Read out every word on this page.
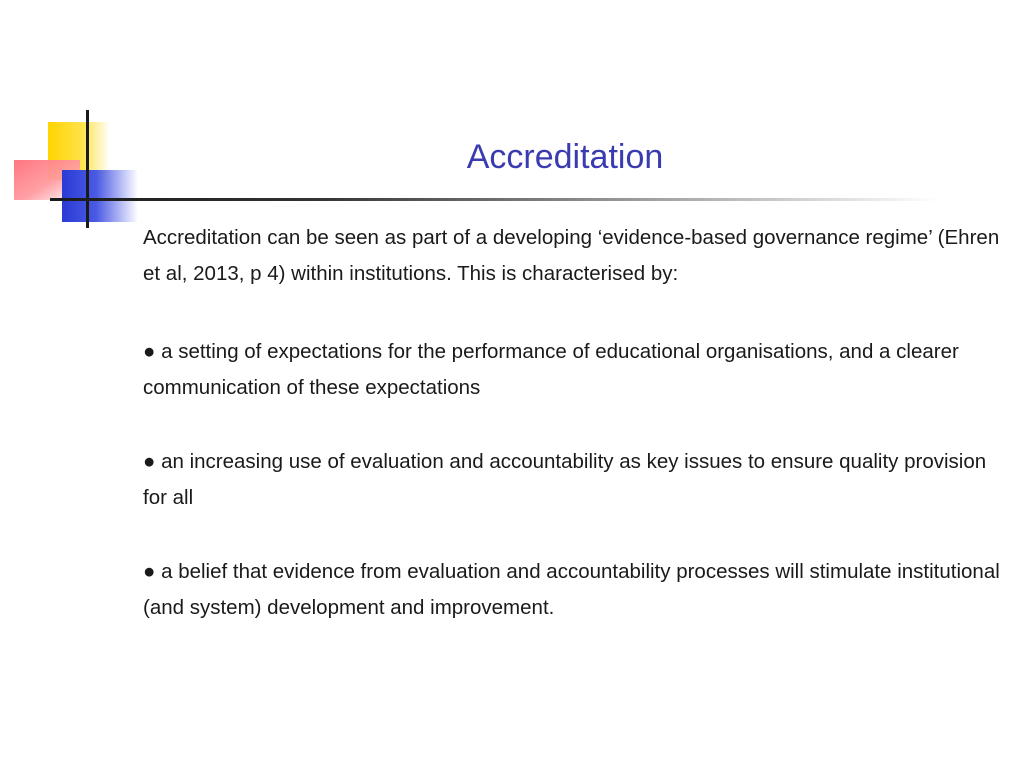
Accreditation

Accreditation can be seen as part of a developing ‘evidence-based governance regime’ (Ehren et al, 2013, p 4) within institutions. This is characterised by:

● a setting of expectations for the performance of educational organisations, and a clearer communication of these expectations

● an increasing use of evaluation and accountability as key issues to ensure quality provision for all

● a belief that evidence from evaluation and accountability processes will stimulate institutional (and system) development and improvement.
